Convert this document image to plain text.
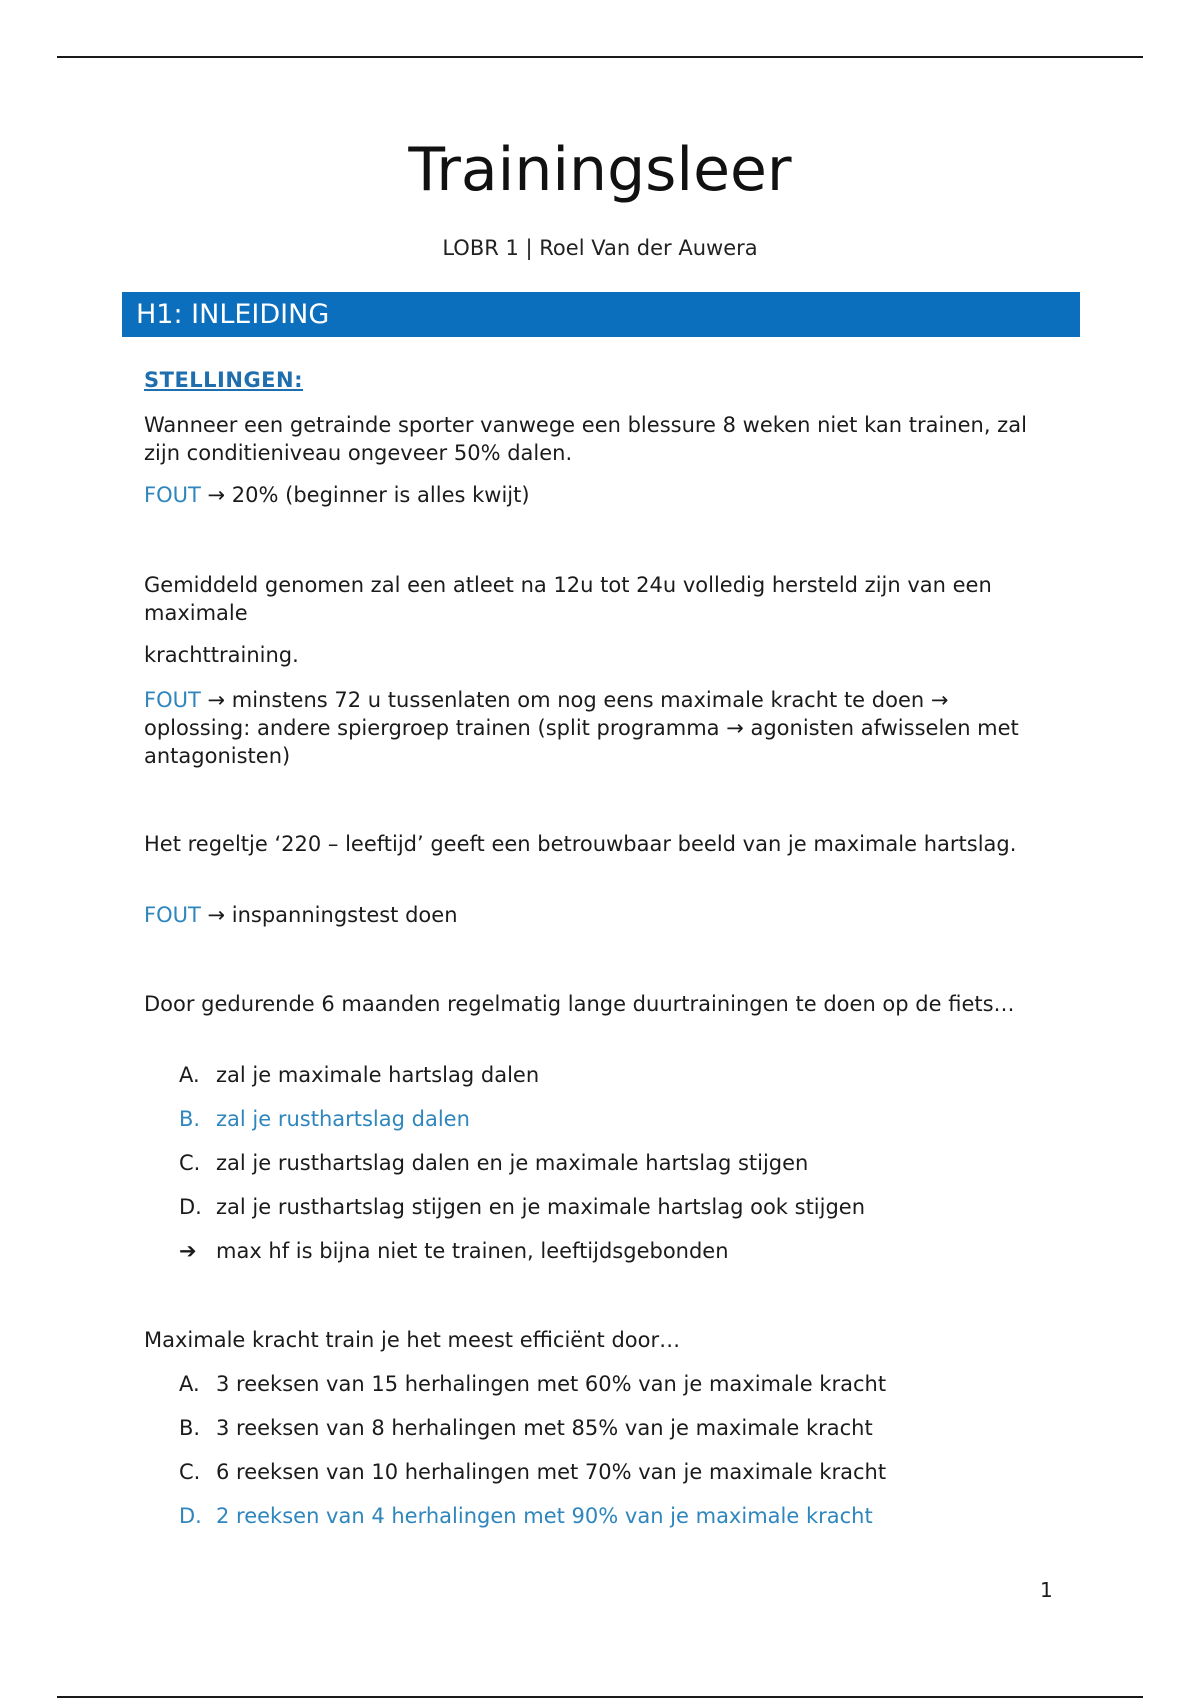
Trainingsleer
LOBR 1 | Roel Van der Auwera
H1: INLEIDING
STELLINGEN:
Wanneer een getrainde sporter vanwege een blessure 8 weken niet kan trainen, zal zijn conditieniveau ongeveer 50% dalen.
FOUT → 20% (beginner is alles kwijt)
Gemiddeld genomen zal een atleet na 12u tot 24u volledig hersteld zijn van een maximale
krachttraining.
FOUT → minstens 72 u tussenlaten om nog eens maximale kracht te doen → oplossing: andere spiergroep trainen (split programma → agonisten afwisselen met antagonisten)
Het regeltje ‘220 – leeftijd’ geeft een betrouwbaar beeld van je maximale hartslag.
FOUT → inspanningstest doen
Door gedurende 6 maanden regelmatig lange duurtrainingen te doen op de fiets…
A. zal je maximale hartslag dalen
B. zal je rusthartslag dalen
C. zal je rusthartslag dalen en je maximale hartslag stijgen
D. zal je rusthartslag stijgen en je maximale hartslag ook stijgen
➔ max hf is bijna niet te trainen, leeftijdsgebonden
Maximale kracht train je het meest efficiënt door…
A. 3 reeksen van 15 herhalingen met 60% van je maximale kracht
B. 3 reeksen van 8 herhalingen met 85% van je maximale kracht
C. 6 reeksen van 10 herhalingen met 70% van je maximale kracht
D. 2 reeksen van 4 herhalingen met 90% van je maximale kracht
1
